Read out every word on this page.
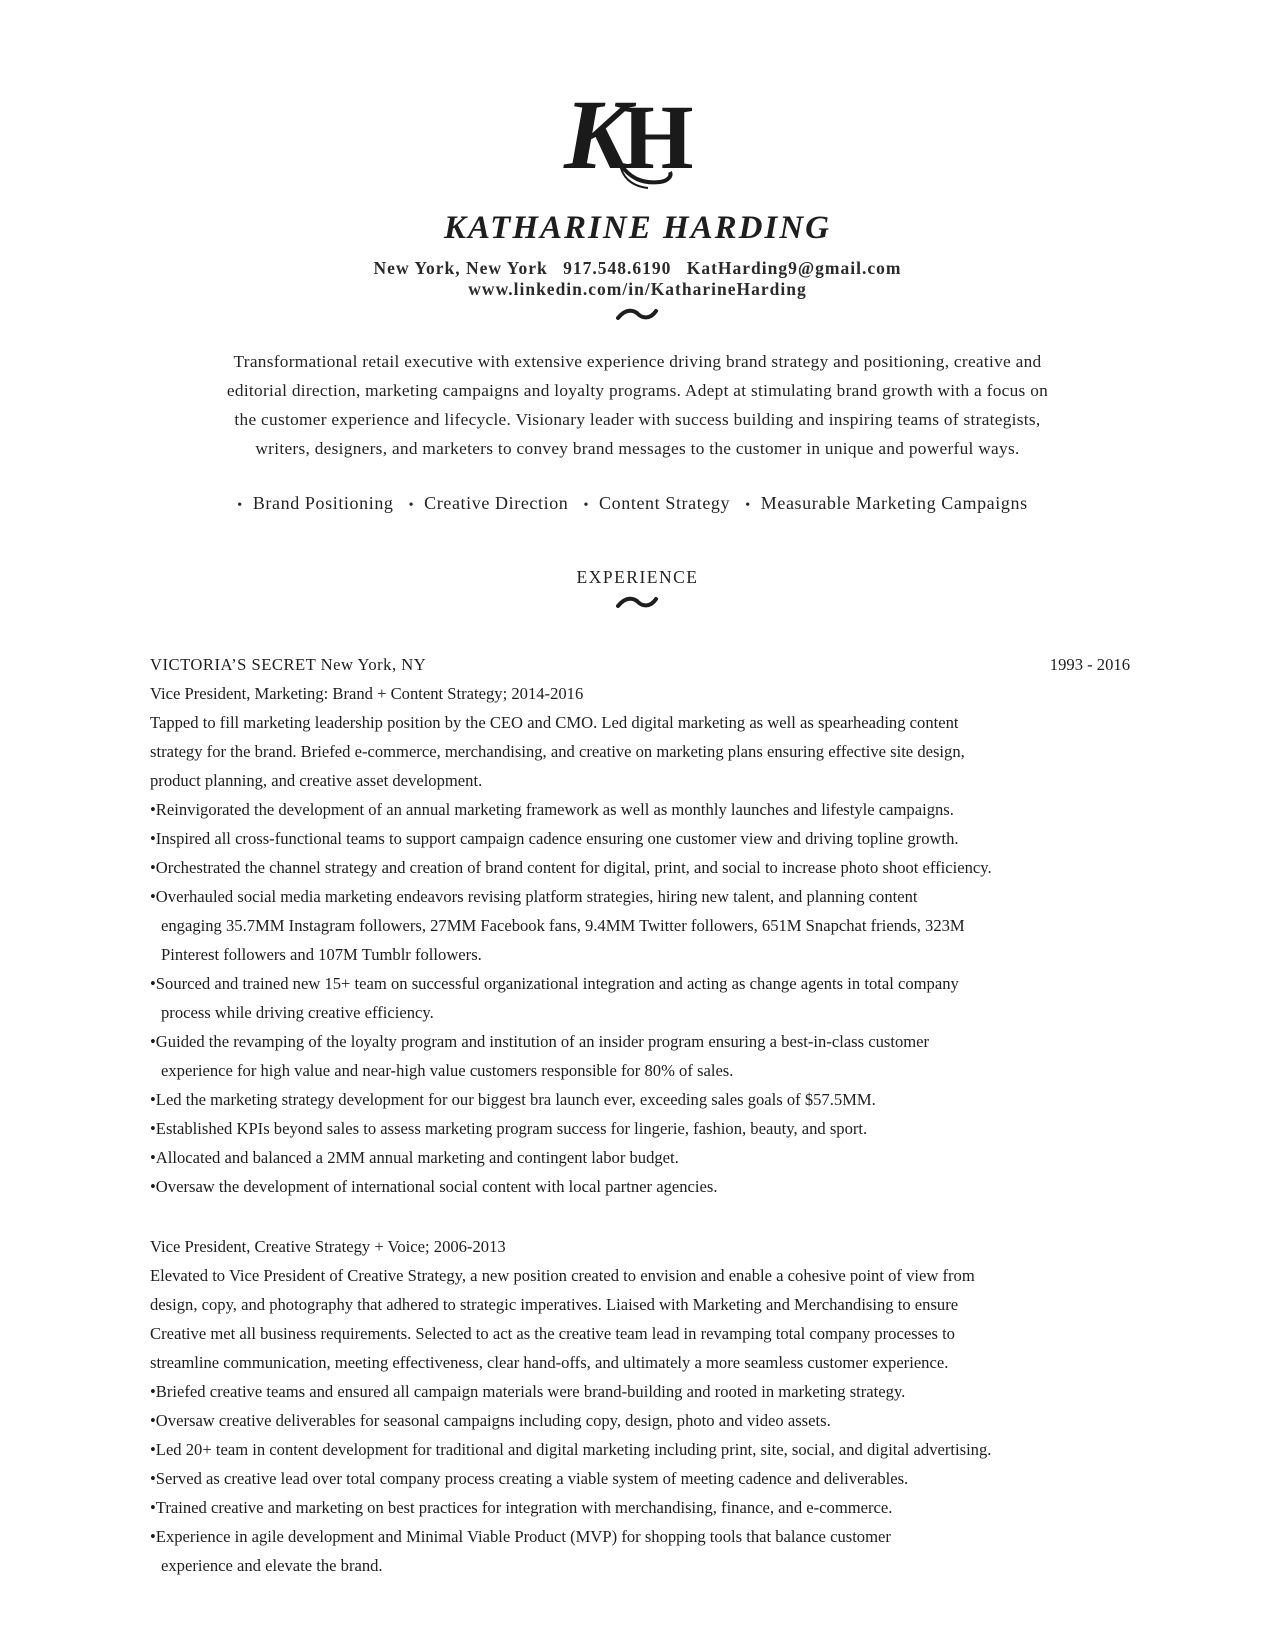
K
H
KATHARINE HARDING
New York, New York 917.548.6190 KatHarding9@gmail.com
www.linkedin.com/in/KatharineHarding

Transformational retail executive with extensive experience driving brand strategy and positioning, creative and

editorial direction, marketing campaigns and loyalty programs. Adept at stimulating brand growth with a focus on

the customer experience and lifecycle. Visionary leader with success building and inspiring teams of strategists,

writers, designers, and marketers to convey brand messages to the customer in unique and powerful ways.

• Brand Positioning • Creative Direction • Content Strategy • Measurable Marketing Campaigns
EXPERIENCE
VICTORIA’S SECRET New York, NY	1993 - 2016
Vice President, Marketing: Brand + Content Strategy; 2014-2016
Tapped to fill marketing leadership position by the CEO and CMO. Led digital marketing as well as spearheading content
strategy for the brand. Briefed e-commerce, merchandising, and creative on marketing plans ensuring effective site design,
product planning, and creative asset development.
•Reinvigorated the development of an annual marketing framework as well as monthly launches and lifestyle campaigns.
•Inspired all cross-functional teams to support campaign cadence ensuring one customer view and driving topline growth.
•Orchestrated the channel strategy and creation of brand content for digital, print, and social to increase photo shoot efficiency.
•Overhauled social media marketing endeavors revising platform strategies, hiring new talent, and planning content
engaging 35.7MM Instagram followers, 27MM Facebook fans, 9.4MM Twitter followers, 651M Snapchat friends, 323M
Pinterest followers and 107M Tumblr followers.
•Sourced and trained new 15+ team on successful organizational integration and acting as change agents in total company
process while driving creative efficiency.
•Guided the revamping of the loyalty program and institution of an insider program ensuring a best-in-class customer
experience for high value and near-high value customers responsible for 80% of sales.
•Led the marketing strategy development for our biggest bra launch ever, exceeding sales goals of $57.5MM.
•Established KPIs beyond sales to assess marketing program success for lingerie, fashion, beauty, and sport.
•Allocated and balanced a 2MM annual marketing and contingent labor budget.
•Oversaw the development of international social content with local partner agencies.
Vice President, Creative Strategy + Voice; 2006-2013
Elevated to Vice President of Creative Strategy, a new position created to envision and enable a cohesive point of view from
design, copy, and photography that adhered to strategic imperatives. Liaised with Marketing and Merchandising to ensure
Creative met all business requirements. Selected to act as the creative team lead in revamping total company processes to
streamline communication, meeting effectiveness, clear hand-offs, and ultimately a more seamless customer experience.
•Briefed creative teams and ensured all campaign materials were brand-building and rooted in marketing strategy.
•Oversaw creative deliverables for seasonal campaigns including copy, design, photo and video assets.
•Led 20+ team in content development for traditional and digital marketing including print, site, social, and digital advertising.
•Served as creative lead over total company process creating a viable system of meeting cadence and deliverables.
•Trained creative and marketing on best practices for integration with merchandising, finance, and e-commerce.
•Experience in agile development and Minimal Viable Product (MVP) for shopping tools that balance customer
experience and elevate the brand.
